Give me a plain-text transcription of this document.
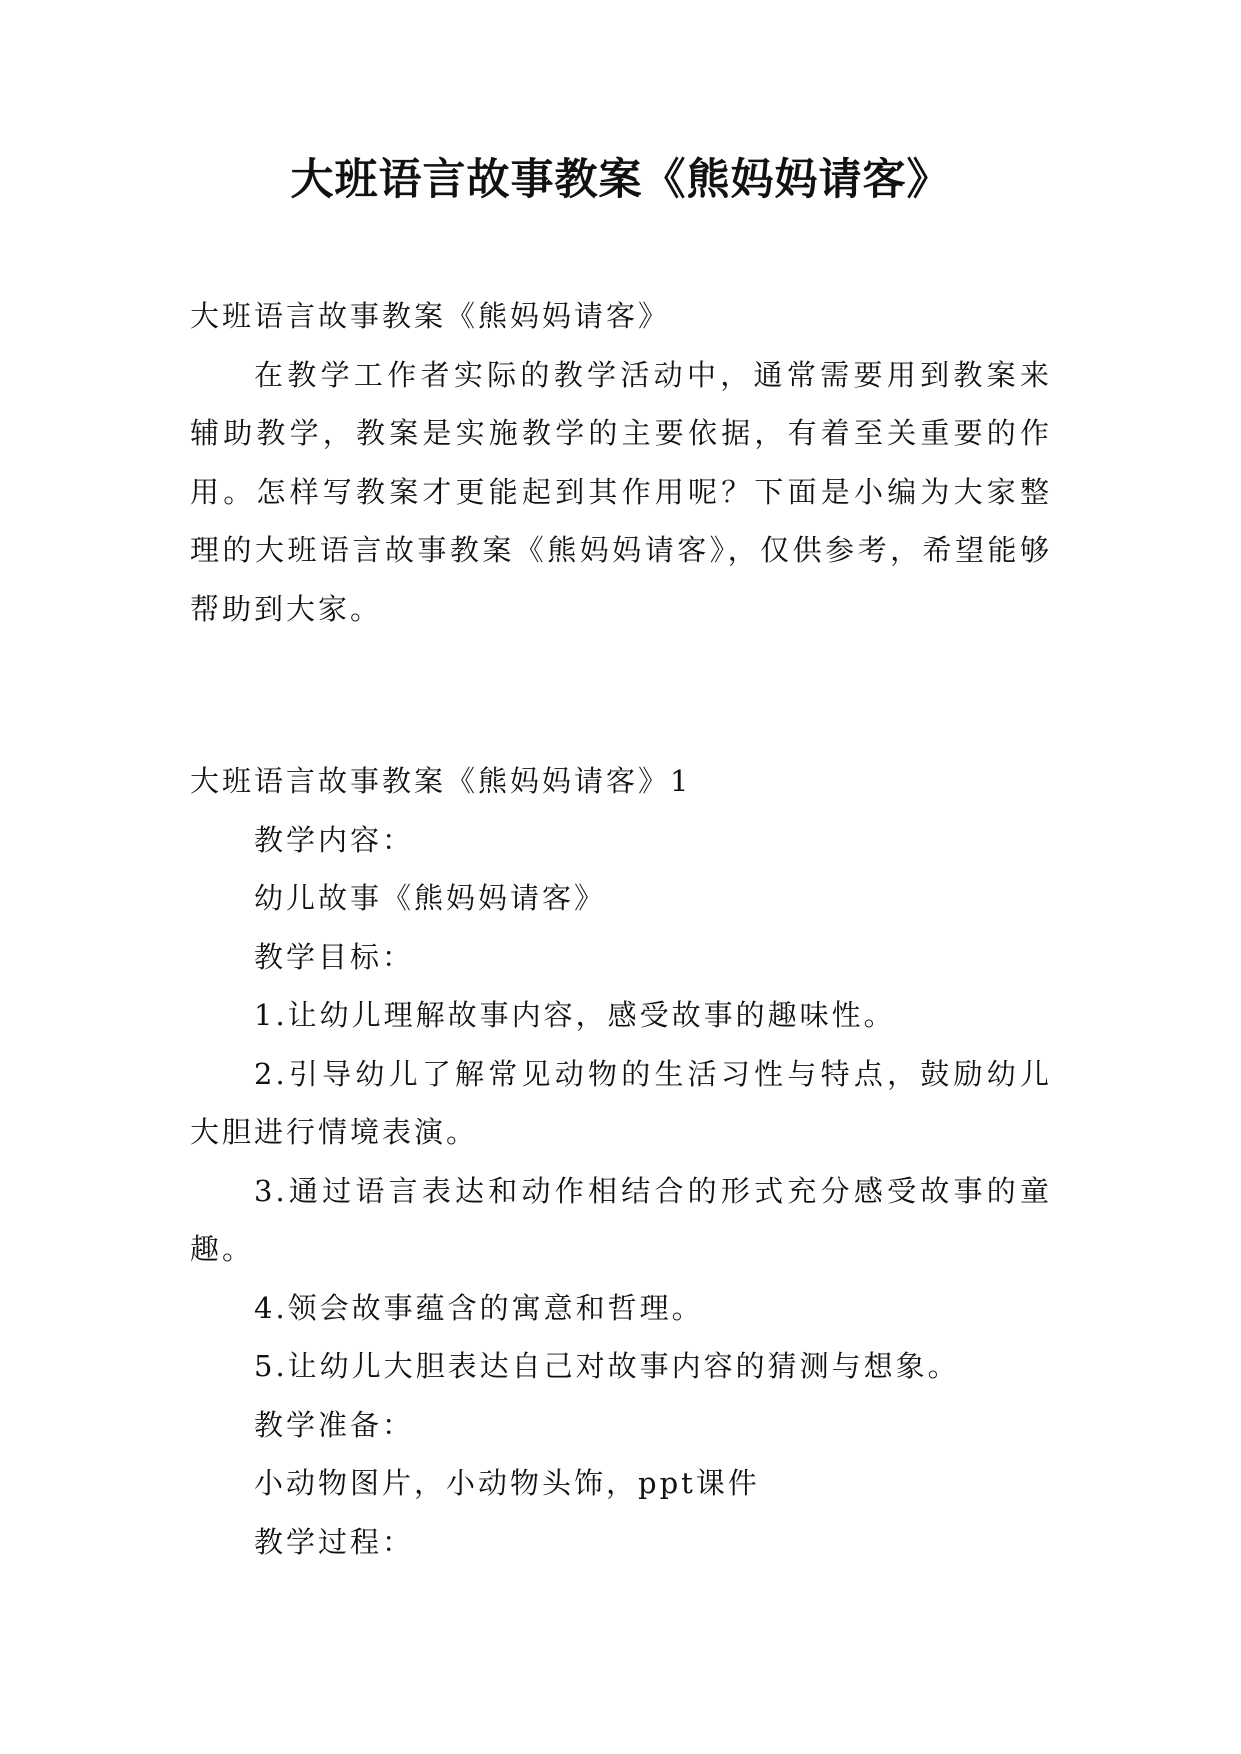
大班语言故事教案《熊妈妈请客》

大班语言故事教案《熊妈妈请客》

在教学工作者实际的教学活动中，通常需要用到教案来辅助教学，教案是实施教学的主要依据，有着至关重要的作用。怎样写教案才更能起到其作用呢？下面是小编为大家整理的大班语言故事教案《熊妈妈请客》，仅供参考，希望能够帮助到大家。

大班语言故事教案《熊妈妈请客》1

教学内容：

幼儿故事《熊妈妈请客》

教学目标：

1.让幼儿理解故事内容，感受故事的趣味性。

2.引导幼儿了解常见动物的生活习性与特点，鼓励幼儿大胆进行情境表演。

3.通过语言表达和动作相结合的形式充分感受故事的童趣。

4.领会故事蕴含的寓意和哲理。

5.让幼儿大胆表达自己对故事内容的猜测与想象。

教学准备：

小动物图片，小动物头饰，ppt课件

教学过程：
